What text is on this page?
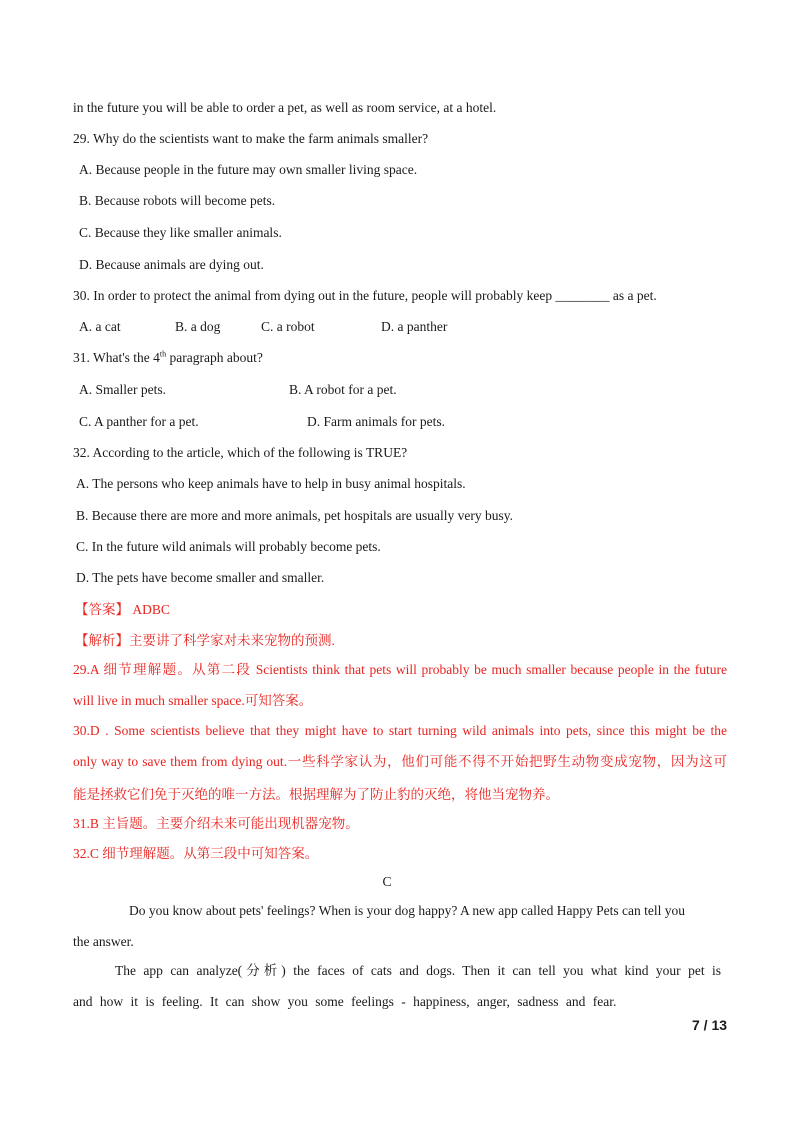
in the future you will be able to order a pet, as well as room service, at a hotel.
29. Why do the scientists want to make the farm animals smaller?
A. Because people in the future may own smaller living space.
B. Because robots will become pets.
C. Because they like smaller animals.
D. Because animals are dying out.
30. In order to protect the animal from dying out in the future, people will probably keep ________ as a pet.
A. a cat	B. a dog	C. a robot	D. a panther
31. What's the 4th paragraph about?
A. Smaller pets.	B. A robot for a pet.
C. A panther for a pet.	D. Farm animals for pets.
32. According to the article, which of the following is TRUE?
A. The persons who keep animals have to help in busy animal hospitals.
B. Because there are more and more animals, pet hospitals are usually very busy.
C. In the future wild animals will probably become pets.
D. The pets have become smaller and smaller.
【答案】 ADBC
【解析】主要讲了科学家对未来宠物的预测.
29.A 细节理解题。从第二段 Scientists think that pets will probably be much smaller because people in the future
will live in much smaller space.可知答案。
30.D . Some scientists believe that they might have to start turning wild animals into pets, since this might be the
only way to save them from dying out.一些科学家认为，他们可能不得不开始把野生动物变成宠物，因为这可
能是拯救它们免于灭绝的唯一方法。根据理解为了防止豹的灭绝，将他当宠物养。
31.B 主旨题。主要介绍未来可能出现机器宠物。
32.C 细节理解题。从第三段中可知答案。
C
Do you know about pets' feelings? When is your dog happy? A new app called Happy Pets can tell you
the answer.
The app can analyze(分析) the faces of cats and dogs. Then it can tell you what kind your pet is
and how it is feeling. It can show you some feelings - happiness, anger, sadness and fear.
7 / 13
